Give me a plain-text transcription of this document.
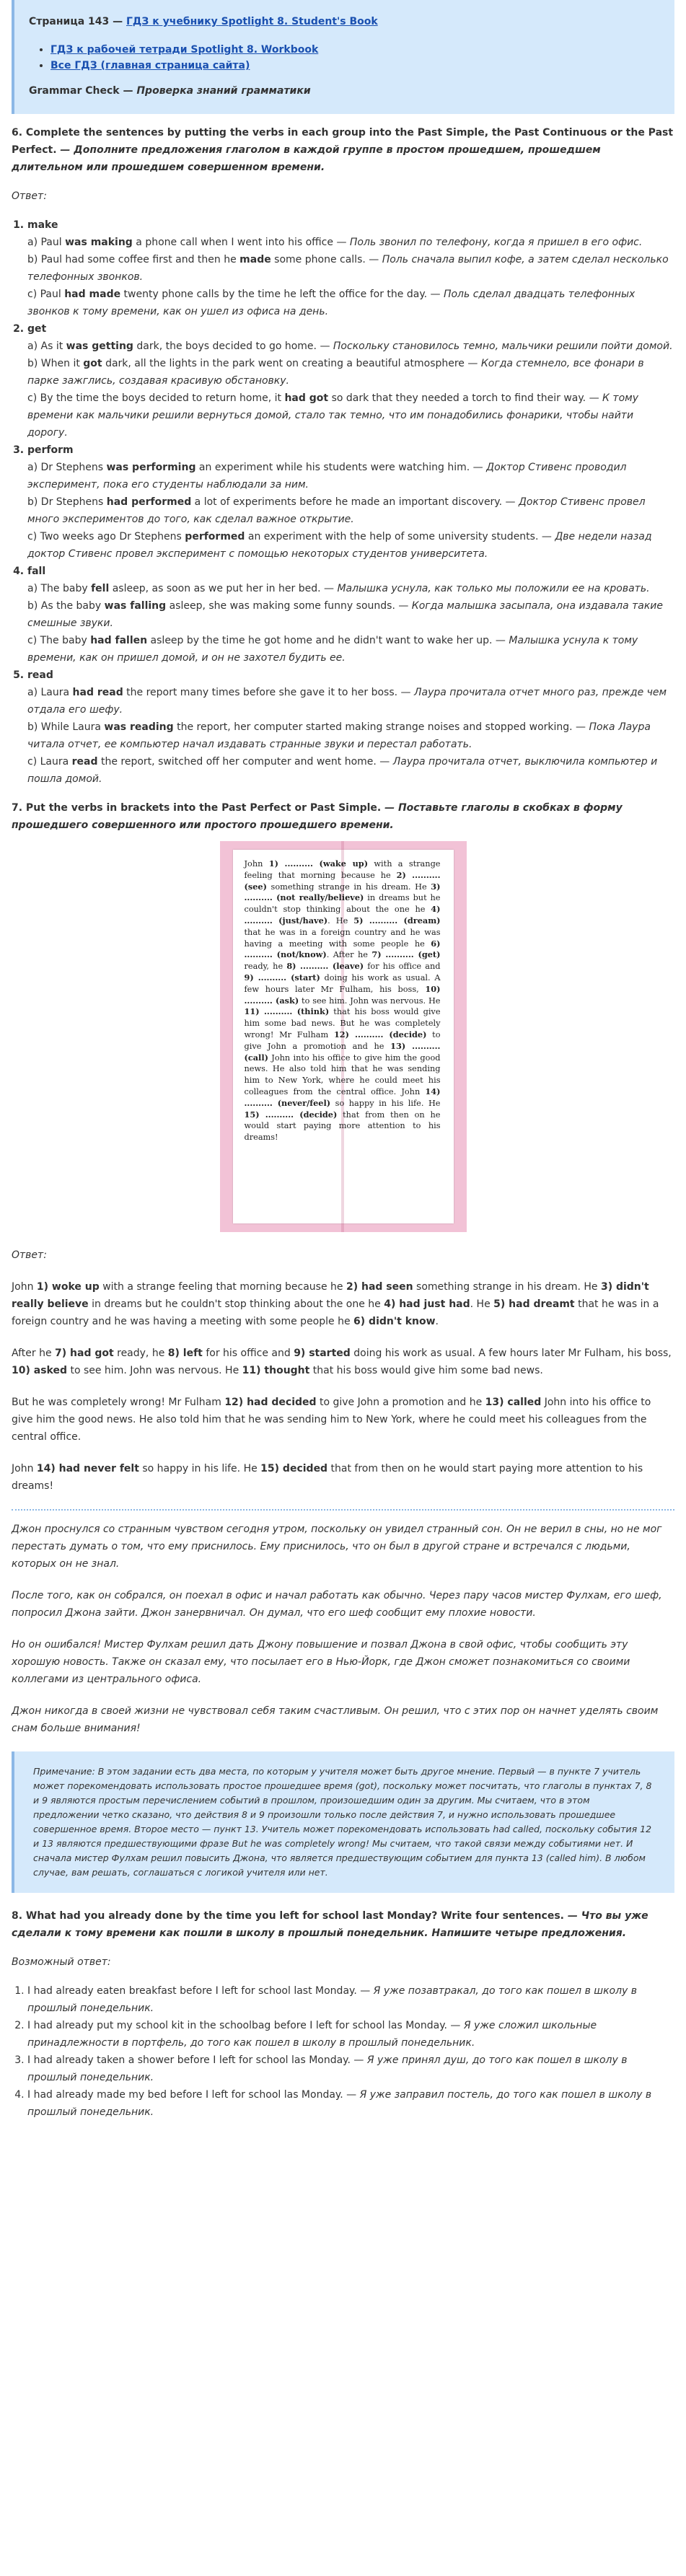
Страница 143 — ГДЗ к учебнику Spotlight 8. Student's Book
• ГДЗ к рабочей тетради Spotlight 8. Workbook
• Все ГДЗ (главная страница сайта)
Grammar Check — Проверка знаний грамматики
6. Complete the sentences by putting the verbs in each group into the Past Simple, the Past Continuous or the Past Perfect. — Дополните предложения глаголом в каждой группе в простом прошедшем, прошедшем длительном или прошедшем совершенном времени.

Ответ:

1. make

a) Paul was making a phone call when I went into his office — Поль звонил по телефону, когда я пришел в его офис.

b) Paul had some coffee first and then he made some phone calls. — Поль сначала выпил кофе, а затем сделал несколько телефонных звонков.

c) Paul had made twenty phone calls by the time he left the office for the day. — Поль сделал двадцать телефонных звонков к тому времени, как он ушел из офиса на день.

2. get

a) As it was getting dark, the boys decided to go home. — Поскольку становилось темно, мальчики решили пойти домой.

b) When it got dark, all the lights in the park went on creating a beautiful atmosphere — Когда стемнело, все фонари в парке зажглись, создавая красивую обстановку.

c) By the time the boys decided to return home, it had got so dark that they needed a torch to find their way. — К тому времени как мальчики решили вернуться домой, стало так темно, что им понадобились фонарики, чтобы найти дорогу.

3. perform

a) Dr Stephens was performing an experiment while his students were watching him. — Доктор Стивенс проводил эксперимент, пока его студенты наблюдали за ним.

b) Dr Stephens had performed a lot of experiments before he made an important discovery. — Доктор Стивенс провел много экспериментов до того, как сделал важное открытие.

c) Two weeks ago Dr Stephens performed an experiment with the help of some university students. — Две недели назад доктор Стивенс провел эксперимент с помощью некоторых студентов университета.

4. fall

a) The baby fell asleep, as soon as we put her in her bed. — Малышка уснула, как только мы положили ее на кровать.

b) As the baby was falling asleep, she was making some funny sounds. — Когда малышка засыпала, она издавала такие смешные звуки.

c) The baby had fallen asleep by the time he got home and he didn't want to wake her up. — Малышка уснула к тому времени, как он пришел домой, и он не захотел будить ее.

5. read

a) Laura had read the report many times before she gave it to her boss. — Лаура прочитала отчет много раз, прежде чем отдала его шефу.

b) While Laura was reading the report, her computer started making strange noises and stopped working. — Пока Лаура читала отчет, ее компьютер начал издавать странные звуки и перестал работать.

c) Laura read the report, switched off her computer and went home. — Лаура прочитала отчет, выключила компьютер и пошла домой.

7. Put the verbs in brackets into the Past Perfect or Past Simple. — Поставьте глаголы в скобках в форму прошедшего совершенного или простого прошедшего времени.
John 1) .......... (wake up) with a strange feeling that morning because he 2) .......... (see) something strange in his dream. He 3) .......... (not really/believe) in dreams but he couldn't stop thinking about the one he 4) .......... (just/have). He 5) .......... (dream) that he was in a foreign country and he was having a meeting with some people he 6) .......... (not/know). After he 7) .......... (get) ready, he 8) .......... (leave) for his office and 9) .......... (start) doing his work as usual. A few hours later Mr Fulham, his boss, 10) .......... (ask) to see him. John was nervous. He 11) .......... (think) that his boss would give him some bad news. But he was completely wrong! Mr Fulham 12) .......... (decide) to give John a promotion and he 13) .......... (call) John into his office to give him the good news. He also told him that he was sending him to New York, where he could meet his colleagues from the central office. John 14) .......... (never/feel) so happy in his life. He 15) .......... (decide) that from then on he would start paying more attention to his dreams!

Ответ:

John 1) woke up with a strange feeling that morning because he 2) had seen something strange in his dream. He 3) didn't really believe in dreams but he couldn't stop thinking about the one he 4) had just had. He 5) had dreamt that he was in a foreign country and he was having a meeting with some people he 6) didn't know.

After he 7) had got ready, he 8) left for his office and 9) started doing his work as usual. A few hours later Mr Fulham, his boss, 10) asked to see him. John was nervous. He 11) thought that his boss would give him some bad news.

But he was completely wrong! Mr Fulham 12) had decided to give John a promotion and he 13) called John into his office to give him the good news. He also told him that he was sending him to New York, where he could meet his colleagues from the central office.

John 14) had never felt so happy in his life. He 15) decided that from then on he would start paying more attention to his dreams!

Джон проснулся со странным чувством сегодня утром, поскольку он увидел странный сон. Он не верил в сны, но не мог перестать думать о том, что ему приснилось. Ему приснилось, что он был в другой стране и встречался с людьми, которых он не знал.

После того, как он собрался, он поехал в офис и начал работать как обычно. Через пару часов мистер Фулхам, его шеф, попросил Джона зайти. Джон занервничал. Он думал, что его шеф сообщит ему плохие новости.

Но он ошибался! Мистер Фулхам решил дать Джону повышение и позвал Джона в свой офис, чтобы сообщить эту хорошую новость. Также он сказал ему, что посылает его в Нью-Йорк, где Джон сможет познакомиться со своими коллегами из центрального офиса.

Джон никогда в своей жизни не чувствовал себя таким счастливым. Он решил, что с этих пор он начнет уделять своим снам больше внимания!

Примечание: В этом задании есть два места, по которым у учителя может быть другое мнение. Первый — в пункте 7 учитель может порекомендовать использовать простое прошедшее время (got), поскольку может посчитать, что глаголы в пунктах 7, 8 и 9 являются простым перечислением событий в прошлом, произошедшим один за другим. Мы считаем, что в этом предложении четко сказано, что действия 8 и 9 произошли только после действия 7, и нужно использовать прошедшее совершенное время. Второе место — пункт 13. Учитель может порекомендовать использовать had called, поскольку события 12 и 13 являются предшествующими фразе But he was completely wrong! Мы считаем, что такой связи между событиями нет. И сначала мистер Фулхам решил повысить Джона, что является предшествующим событием для пункта 13 (called him). В любом случае, вам решать, соглашаться с логикой учителя или нет.
8. What had you already done by the time you left for school last Monday? Write four sentences. — Что вы уже сделали к тому времени как пошли в школу в прошлый понедельник. Напишите четыре предложения.

Возможный ответ:

1. I had already eaten breakfast before I left for school last Monday. — Я уже позавтракал, до того как пошел в школу в прошлый понедельник.
2. I had already put my school kit in the schoolbag before I left for school las Monday. — Я уже сложил школьные принадлежности в портфель, до того как пошел в школу в прошлый понедельник.
3. I had already taken a shower before I left for school las Monday. — Я уже принял душ, до того как пошел в школу в прошлый понедельник.
4. I had already made my bed before I left for school las Monday. — Я уже заправил постель, до того как пошел в школу в прошлый понедельник.
